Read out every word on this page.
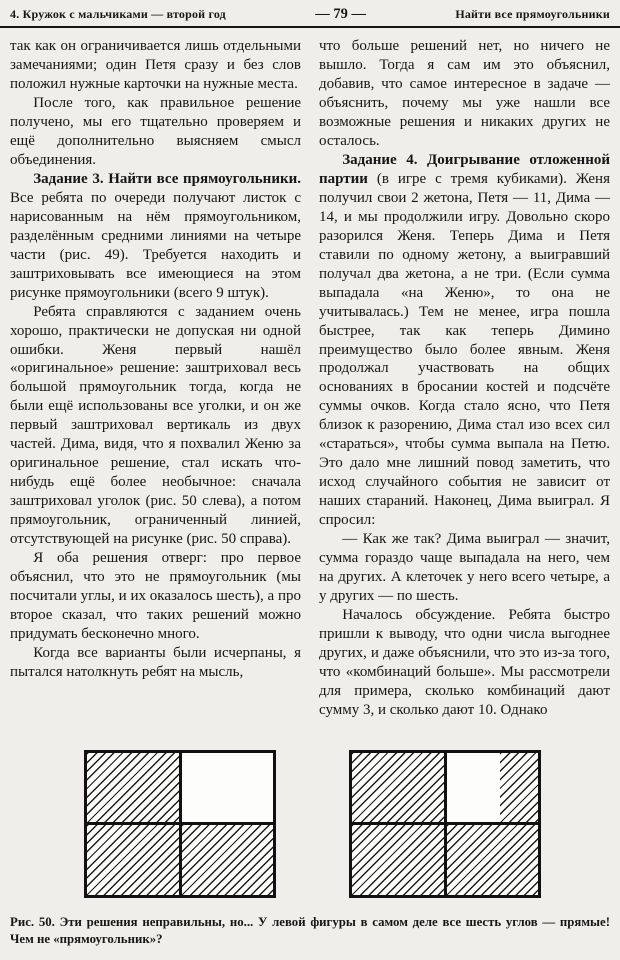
4. Кружок с мальчиками — второй год	— 79 —	Найти все прямоугольники

так как он ограничивается лишь отдельными замечаниями; один Петя сразу и без слов положил нужные карточки на нужные места.

После того, как правильное решение получено, мы его тщательно проверяем и ещё дополнительно выясняем смысл объединения.

Задание 3. Найти все прямоугольники. Все ребята по очереди получают листок с нарисованным на нём прямоугольником, разделённым средними линиями на четыре части (рис. 49). Требуется находить и заштриховывать все имеющиеся на этом рисунке прямоугольники (всего 9 штук).

Ребята справляются с заданием очень хорошо, практически не допуская ни одной ошибки. Женя первый нашёл «оригинальное» решение: заштриховал весь большой прямоугольник тогда, когда не были ещё использованы все уголки, и он же первый заштриховал вертикаль из двух частей. Дима, видя, что я похвалил Женю за оригинальное решение, стал искать что-нибудь ещё более необычное: сначала заштриховал уголок (рис. 50 слева), а потом прямоугольник, ограниченный линией, отсутствующей на рисунке (рис. 50 справа).

Я оба решения отверг: про первое объяснил, что это не прямоугольник (мы посчитали углы, и их оказалось шесть), а про второе сказал, что таких решений можно придумать бесконечно много.

Когда все варианты были исчерпаны, я пытался натолкнуть ребят на мысль,

что больше решений нет, но ничего не вышло. Тогда я сам им это объяснил, добавив, что самое интересное в задаче — объяснить, почему мы уже нашли все возможные решения и никаких других не осталось.

Задание 4. Доигрывание отложенной партии (в игре с тремя кубиками). Женя получил свои 2 жетона, Петя — 11, Дима — 14, и мы продолжили игру. Довольно скоро разорился Женя. Теперь Дима и Петя ставили по одному жетону, а выигравший получал два жетона, а не три. (Если сумма выпадала «на Женю», то она не учитывалась.) Тем не менее, игра пошла быстрее, так как теперь Димино преимущество было более явным. Женя продолжал участвовать на общих основаниях в бросании костей и подсчёте суммы очков. Когда стало ясно, что Петя близок к разорению, Дима стал изо всех сил «стараться», чтобы сумма выпала на Петю. Это дало мне лишний повод заметить, что исход случайного события не зависит от наших стараний. Наконец, Дима выиграл. Я спросил:

— Как же так? Дима выиграл — значит, сумма гораздо чаще выпадала на него, чем на других. А клеточек у него всего четыре, а у других — по шесть.

Началось обсуждение. Ребята быстро пришли к выводу, что одни числа выгоднее других, и даже объяснили, что это из-за того, что «комбинаций больше». Мы рассмотрели для примера, сколько комбинаций дают сумму 3, и сколько дают 10. Однако

Рис. 50. Эти решения неправильны, но... У левой фигуры в самом деле все шесть углов — прямые! Чем не «прямоугольник»?
